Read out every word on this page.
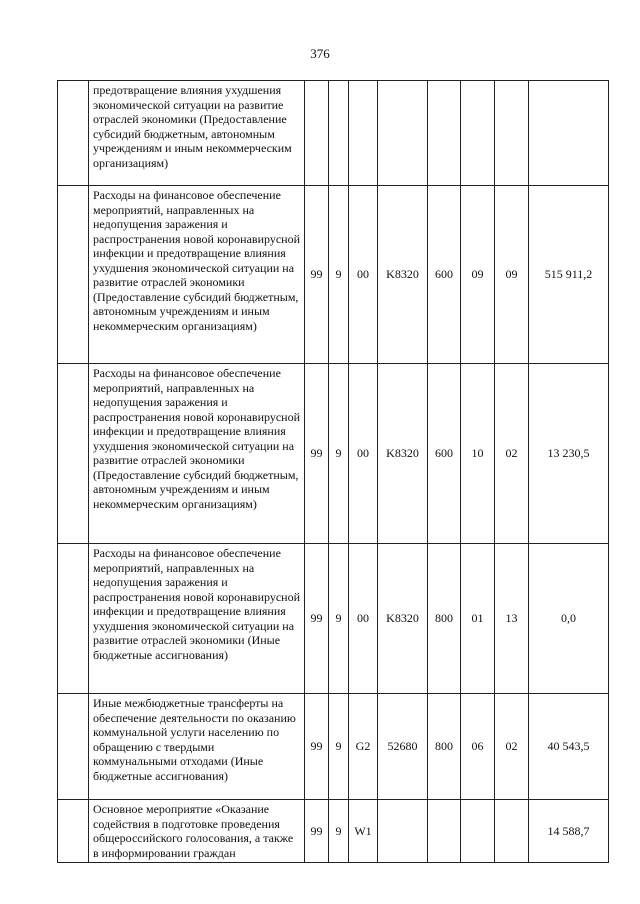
376
	предотвращение влияния ухудшения экономической ситуации на развитие отраслей экономики (Предоставление субсидий бюджетным, автономным учреждениям и иным некоммерческим организациям)								
	Расходы на финансовое обеспечение мероприятий, направленных на недопущения заражения и распространения новой коронавирусной инфекции и предотвращение влияния ухудшения экономической ситуации на развитие отраслей экономики (Предоставление субсидий бюджетным, автономным учреждениям и иным некоммерческим организациям)	99	9	00	K8320	600	09	09	515 911,2
	Расходы на финансовое обеспечение мероприятий, направленных на недопущения заражения и распространения новой коронавирусной инфекции и предотвращение влияния ухудшения экономической ситуации на развитие отраслей экономики (Предоставление субсидий бюджетным, автономным учреждениям и иным некоммерческим организациям)	99	9	00	K8320	600	10	02	13 230,5
	Расходы на финансовое обеспечение мероприятий, направленных на недопущения заражения и распространения новой коронавирусной инфекции и предотвращение влияния ухудшения экономической ситуации на развитие отраслей экономики (Иные бюджетные ассигнования)	99	9	00	K8320	800	01	13	0,0
	Иные межбюджетные трансферты на обеспечение деятельности по оказанию коммунальной услуги населению по обращению с твердыми коммунальными отходами (Иные бюджетные ассигнования)	99	9	G2	52680	800	06	02	40 543,5
	Основное мероприятие «Оказание содействия в подготовке проведения общероссийского голосования, а также в информировании граждан	99	9	W1					14 588,7
